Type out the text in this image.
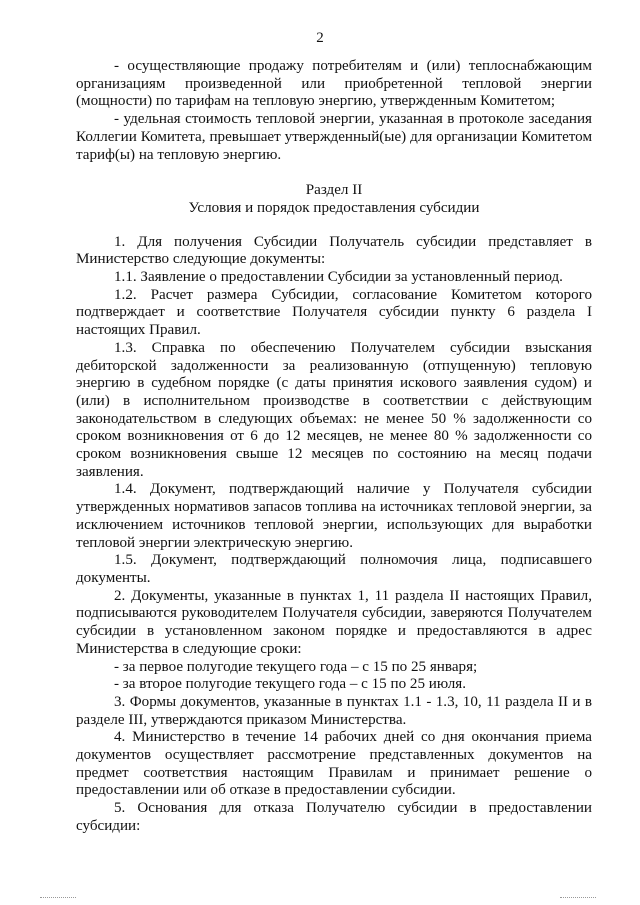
2

- осуществляющие продажу потребителям и (или) теплоснабжающим организациям произведенной или приобретенной тепловой энергии (мощности) по тарифам на тепловую энергию, утвержденным Комитетом;

- удельная стоимость тепловой энергии, указанная в протоколе заседания Коллегии Комитета, превышает утвержденный(ые) для организации Комитетом тариф(ы) на тепловую энергию.

Раздел II

Условия и порядок предоставления субсидии

1. Для получения Субсидии Получатель субсидии представляет в Министерство следующие документы:

1.1. Заявление о предоставлении Субсидии за установленный период.

1.2. Расчет размера Субсидии, согласование Комитетом которого подтверждает и соответствие Получателя субсидии пункту 6 раздела I настоящих Правил.

1.3. Справка по обеспечению Получателем субсидии взыскания дебиторской задолженности за реализованную (отпущенную) тепловую энергию в судебном порядке (с даты принятия искового заявления судом) и (или) в исполнительном производстве в соответствии с действующим законодательством в следующих объемах: не менее 50 % задолженности со сроком возникновения от 6 до 12 месяцев, не менее 80 % задолженности со сроком возникновения свыше 12 месяцев по состоянию на месяц подачи заявления.

1.4. Документ, подтверждающий наличие у Получателя субсидии утвержденных нормативов запасов топлива на источниках тепловой энергии, за исключением источников тепловой энергии, использующих для выработки тепловой энергии электрическую энергию.

1.5. Документ, подтверждающий полномочия лица, подписавшего документы.

2. Документы, указанные в пунктах 1, 11 раздела II настоящих Правил, подписываются руководителем Получателя субсидии, заверяются Получателем субсидии в установленном законом порядке и предоставляются в адрес Министерства в следующие сроки:

- за первое полугодие текущего года – с 15 по 25 января;

- за второе полугодие текущего года – с 15 по 25 июля.

3. Формы документов, указанные в пунктах 1.1 - 1.3, 10, 11 раздела II и в разделе III, утверждаются приказом Министерства.

4. Министерство в течение 14 рабочих дней со дня окончания приема документов осуществляет рассмотрение представленных документов на предмет соответствия настоящим Правилам и принимает решение о предоставлении или об отказе в предоставлении субсидии.

5. Основания для отказа Получателю субсидии в предоставлении субсидии:
